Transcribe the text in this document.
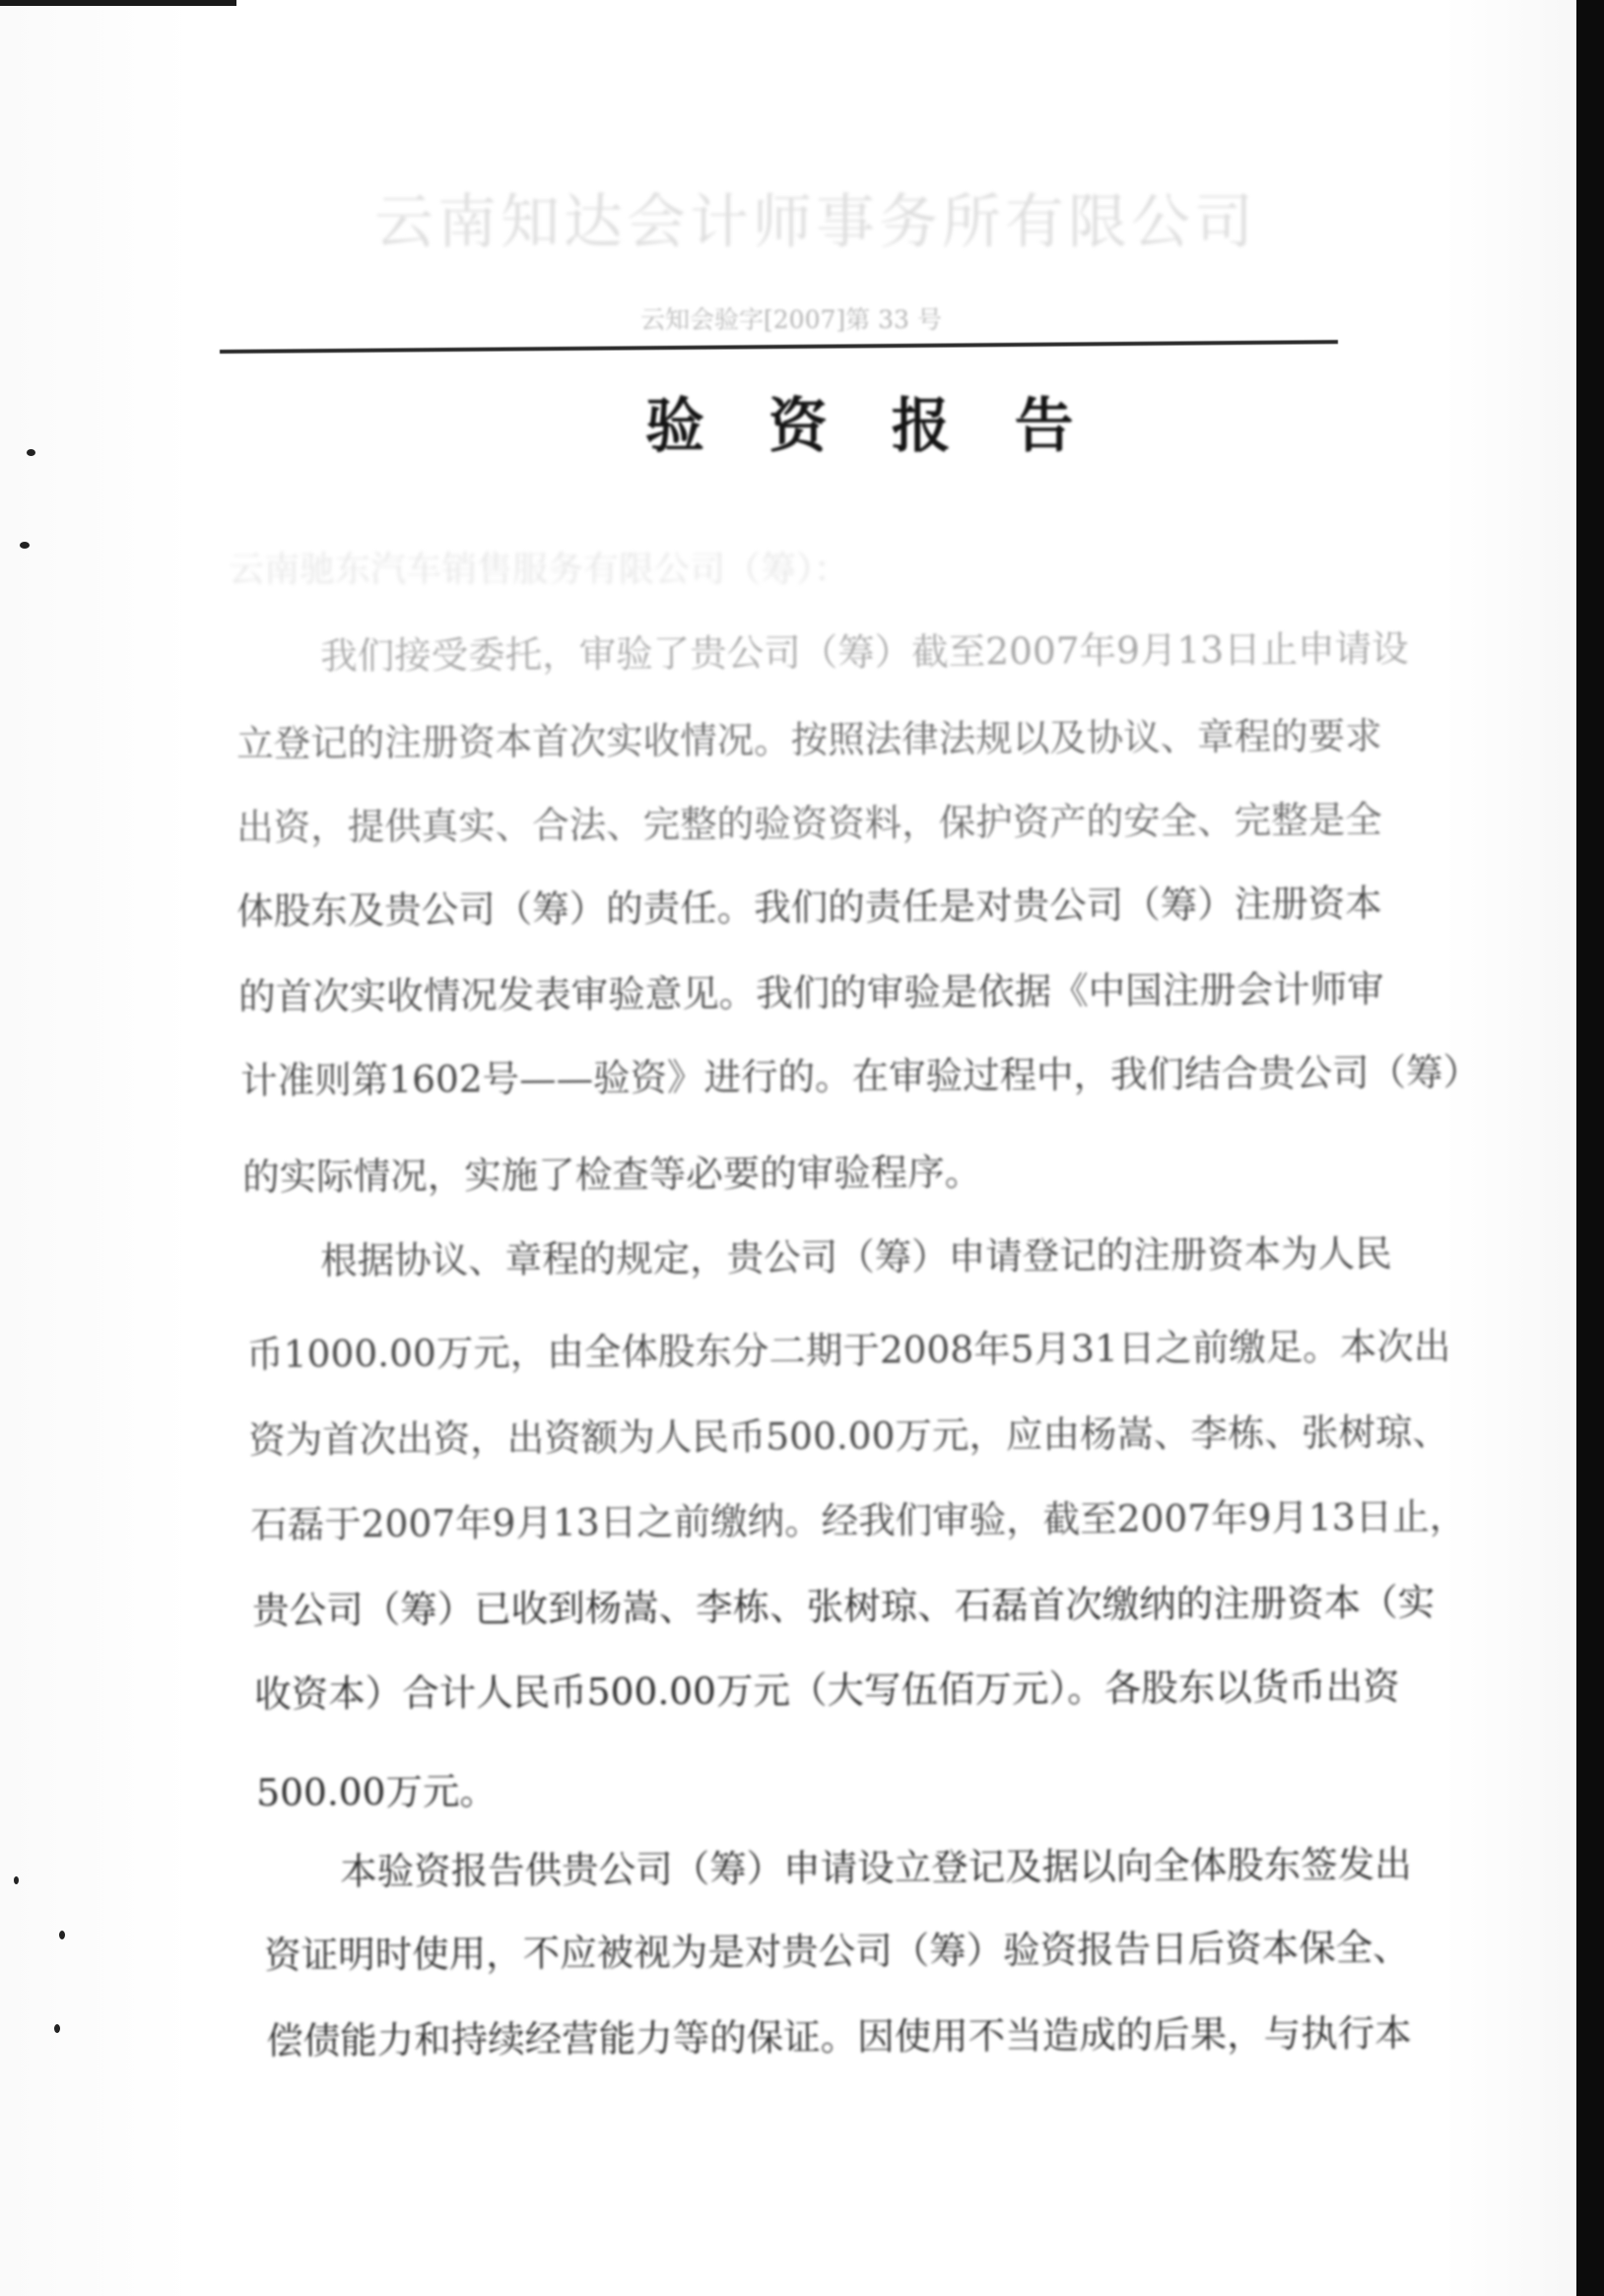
云南知达会计师事务所有限公司
云知会验字[2007]第 33 号
验 资 报 告
云南驰东汽车销售服务有限公司（筹）：
我们接受委托，审验了贵公司（筹）截至2007年9月13日止申请设
立登记的注册资本首次实收情况。按照法律法规以及协议、章程的要求
出资，提供真实、合法、完整的验资资料，保护资产的安全、完整是全
体股东及贵公司（筹）的责任。我们的责任是对贵公司（筹）注册资本
的首次实收情况发表审验意见。我们的审验是依据《中国注册会计师审
计准则第1602号——验资》进行的。在审验过程中，我们结合贵公司（筹）
的实际情况，实施了检查等必要的审验程序。
根据协议、章程的规定，贵公司（筹）申请登记的注册资本为人民
币1000.00万元，由全体股东分二期于2008年5月31日之前缴足。本次出
资为首次出资，出资额为人民币500.00万元，应由杨嵩、李栋、张树琼、
石磊于2007年9月13日之前缴纳。经我们审验，截至2007年9月13日止，
贵公司（筹）已收到杨嵩、李栋、张树琼、石磊首次缴纳的注册资本（实
收资本）合计人民币500.00万元（大写伍佰万元）。各股东以货币出资
500.00万元。
本验资报告供贵公司（筹）申请设立登记及据以向全体股东签发出
资证明时使用，不应被视为是对贵公司（筹）验资报告日后资本保全、
偿债能力和持续经营能力等的保证。因使用不当造成的后果，与执行本
